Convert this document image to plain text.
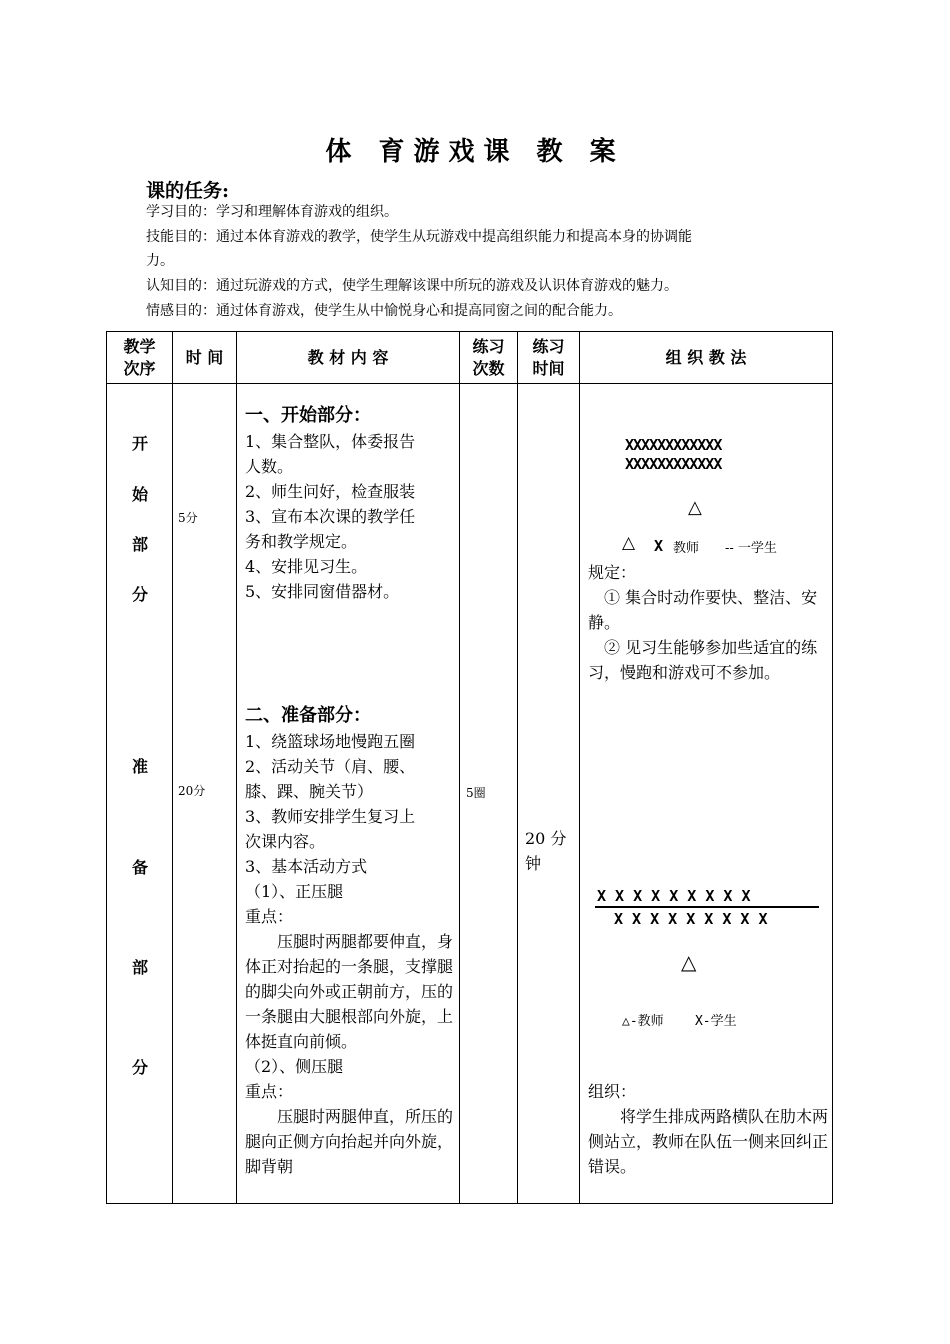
体 育游戏课 教 案
课的任务:
学习目的：学习和理解体育游戏的组织。
技能目的：通过本体育游戏的教学，使学生从玩游戏中提高组织能力和提高本身的协调能
力。
认知目的：通过玩游戏的方式，使学生理解该课中所玩的游戏及认识体育游戏的魅力。
情感目的：通过体育游戏，使学生从中愉悦身心和提高同窗之间的配合能力。
教学
次序
时 间	教 材 内 容
练习
次数
练习
时间
组 织 教 法
开
始
部
分
准
备
部
分
5分
20分	5圈
20 分
钟
一、开始部分：
1、集合整队，体委报告
人数。
2、师生问好，检查服装
3、宣布本次课的教学任
务和教学规定。
4、安排见习生。
5、安排同窗借器材。
二、准备部分：
1、绕篮球场地慢跑五圈
2、活动关节（肩、腰、
膝、踝、腕关节）
3、教师安排学生复习上
次课内容。
3、基本活动方式
（1）、正压腿
重点：
压腿时两腿都要伸直，身体正对抬起的一条腿，支撑腿的脚尖向外或正朝前方，压的一条腿由大腿根部向外旋，上体挺直向前倾。
（2）、侧压腿
重点：
压腿时两腿伸直，所压的腿向正侧方向抬起并向外旋，脚背朝
XXXXXXXXXXXX
XXXXXXXXXXXX
△
△ X 教师 -- 一学生
规定：
① 集合时动作要快、整洁、安静。
② 见习生能够参加些适宜的练习，慢跑和游戏可不参加。
X X X X X X X X X
X X X X X X X X X
△
△-教师    X-学生
组织：
将学生排成两路横队在肋木两侧站立，教师在队伍一侧来回纠正错误。
